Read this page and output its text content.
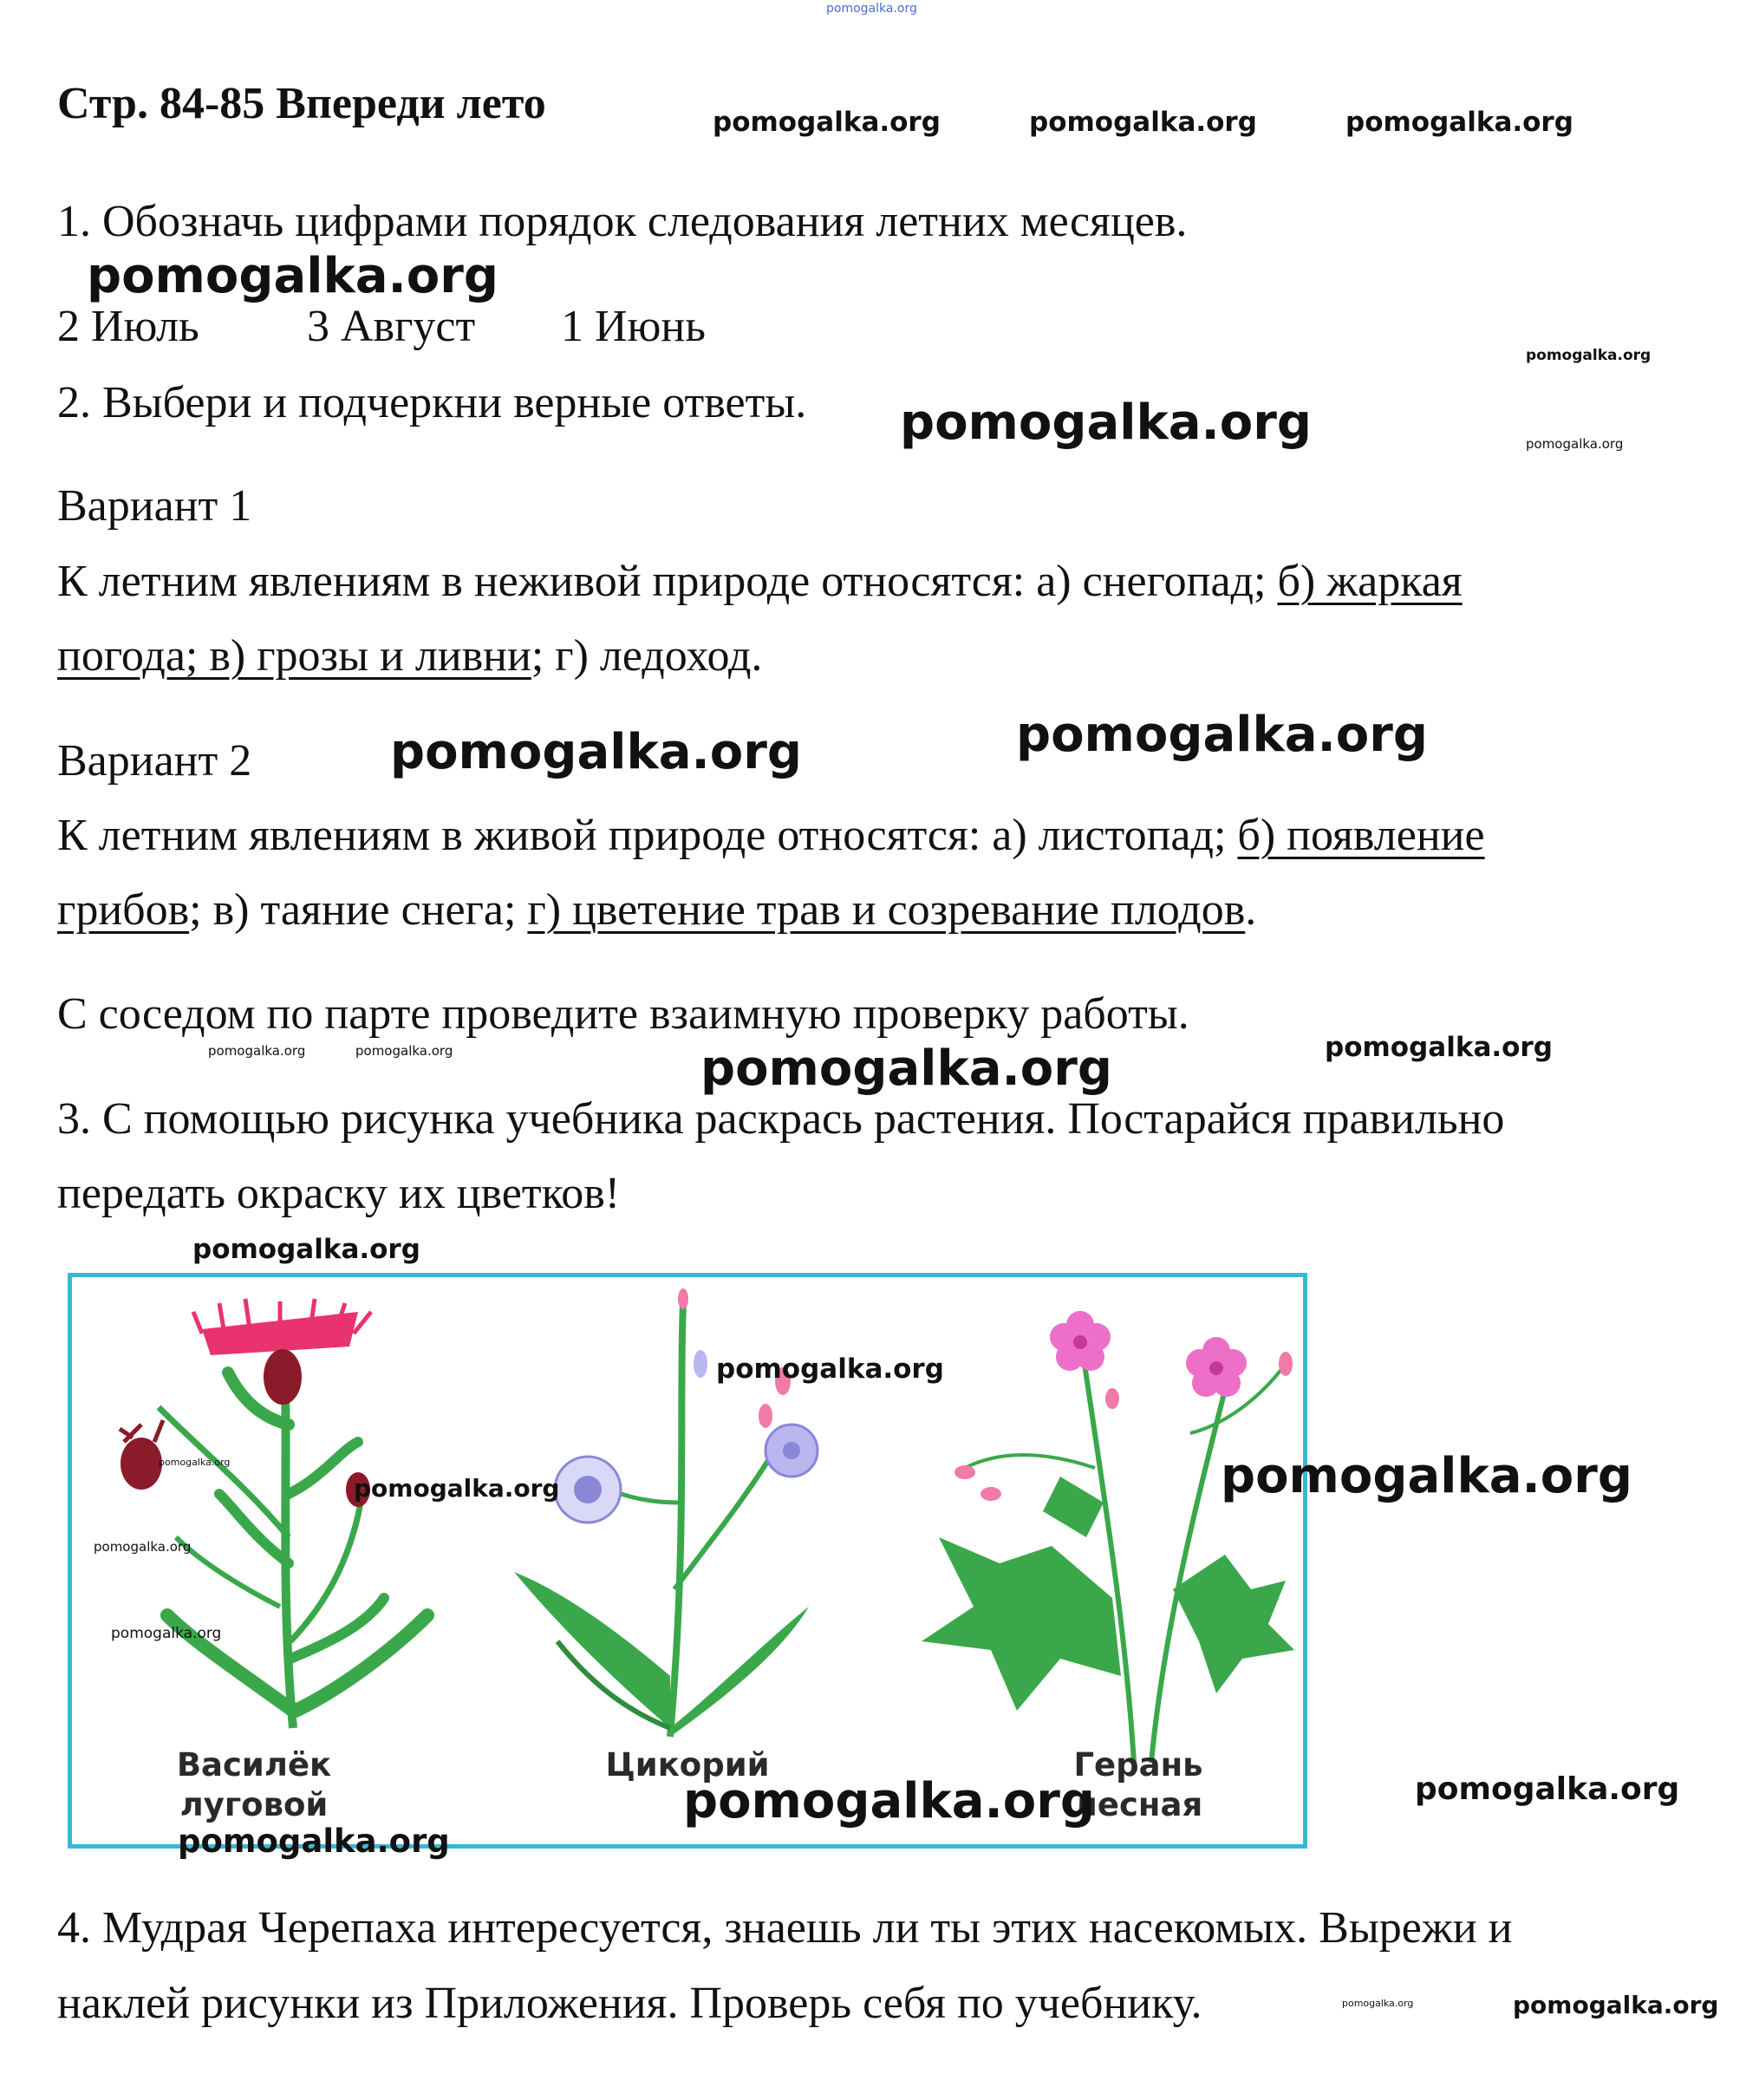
pomogalka.org
Стр. 84-85 Впереди лето	pomogalka.org	pomogalka.org	pomogalka.org
1. Обозначь цифрами порядок следования летних месяцев.
pomogalka.org
2 Июль 3 Август 1 Июнь
pomogalka.org
2. Выбери и подчеркни верные ответы. pomogalka.org	pomogalka.org
Вариант 1
К летним явлениям в неживой природе относятся: а) снегопад; б) жаркая
погода; в) грозы и ливни; г) ледоход.
Вариант 2	pomogalka.org	pomogalka.org
К летним явлениям в живой природе относятся: а) листопад; б) появление
грибов; в) таяние снега; г) цветение трав и созревание плодов.
С соседом по парте проведите взаимную проверку работы.
pomogalka.org	pomogalka.org	pomogalka.org
pomogalka.org
3. С помощью рисунка учебника раскрась растения. Постарайся правильно
передать окраску их цветков!
pomogalka.org
Василёк
луговой
Цикорий	Герань
лесная
pomogalka.org
pomogalka.org
pomogalka.org
pomogalka.org
pomogalka.org
pomogalka.org
pomogalka.org
pomogalka.org
pomogalka.org
4. Мудрая Черепаха интересуется, знаешь ли ты этих насекомых. Вырежи и
наклей рисунки из Приложения. Проверь себя по учебнику.	pomogalka.org	pomogalka.org
